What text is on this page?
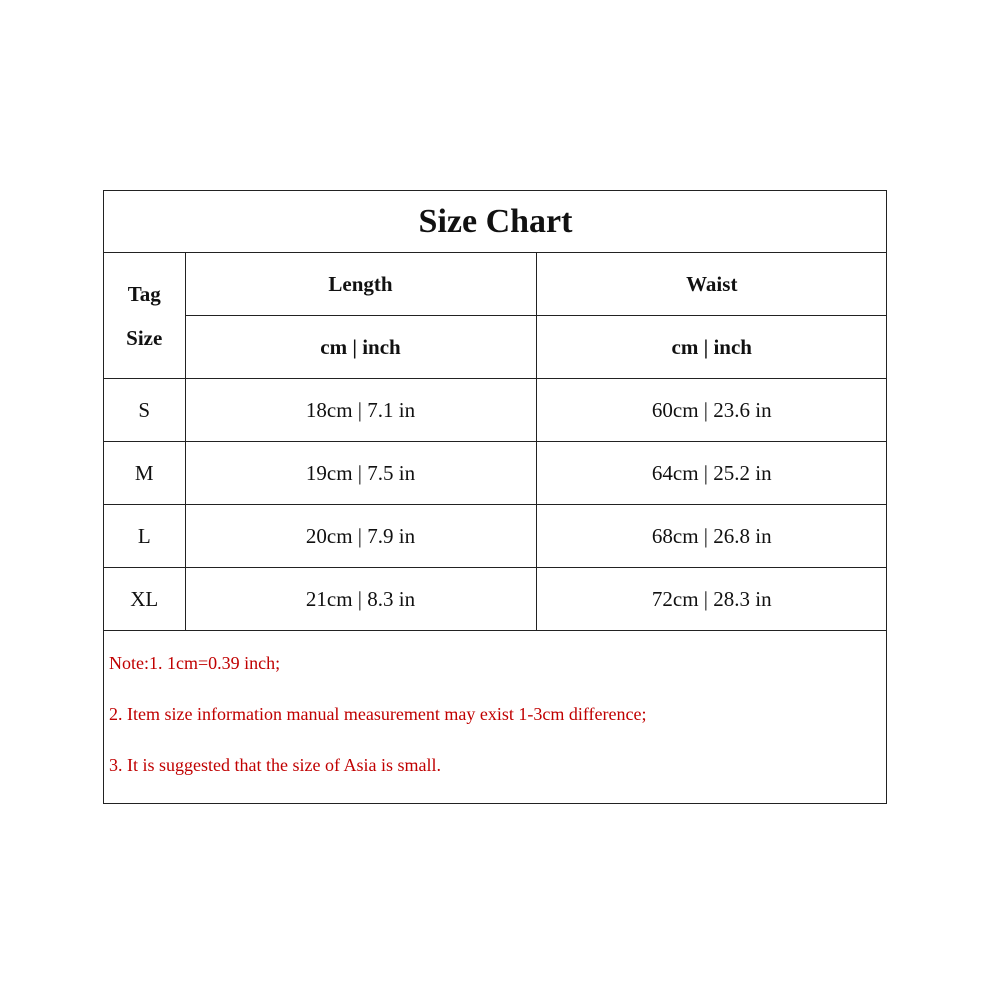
Size Chart		

Tag
Size	Length	Waist
	cm | inch	cm | inch
S	18cm | 7.1 in	60cm | 23.6 in
M	19cm | 7.5 in	64cm | 25.2 in
L	20cm | 7.9 in	68cm | 26.8 in
XL	21cm | 8.3 in	72cm | 28.3 in
Note:1. 1cm=0.39 inch;
2. Item size information manual measurement may exist 1-3cm difference;
3. It is suggested that the size of Asia is small.
